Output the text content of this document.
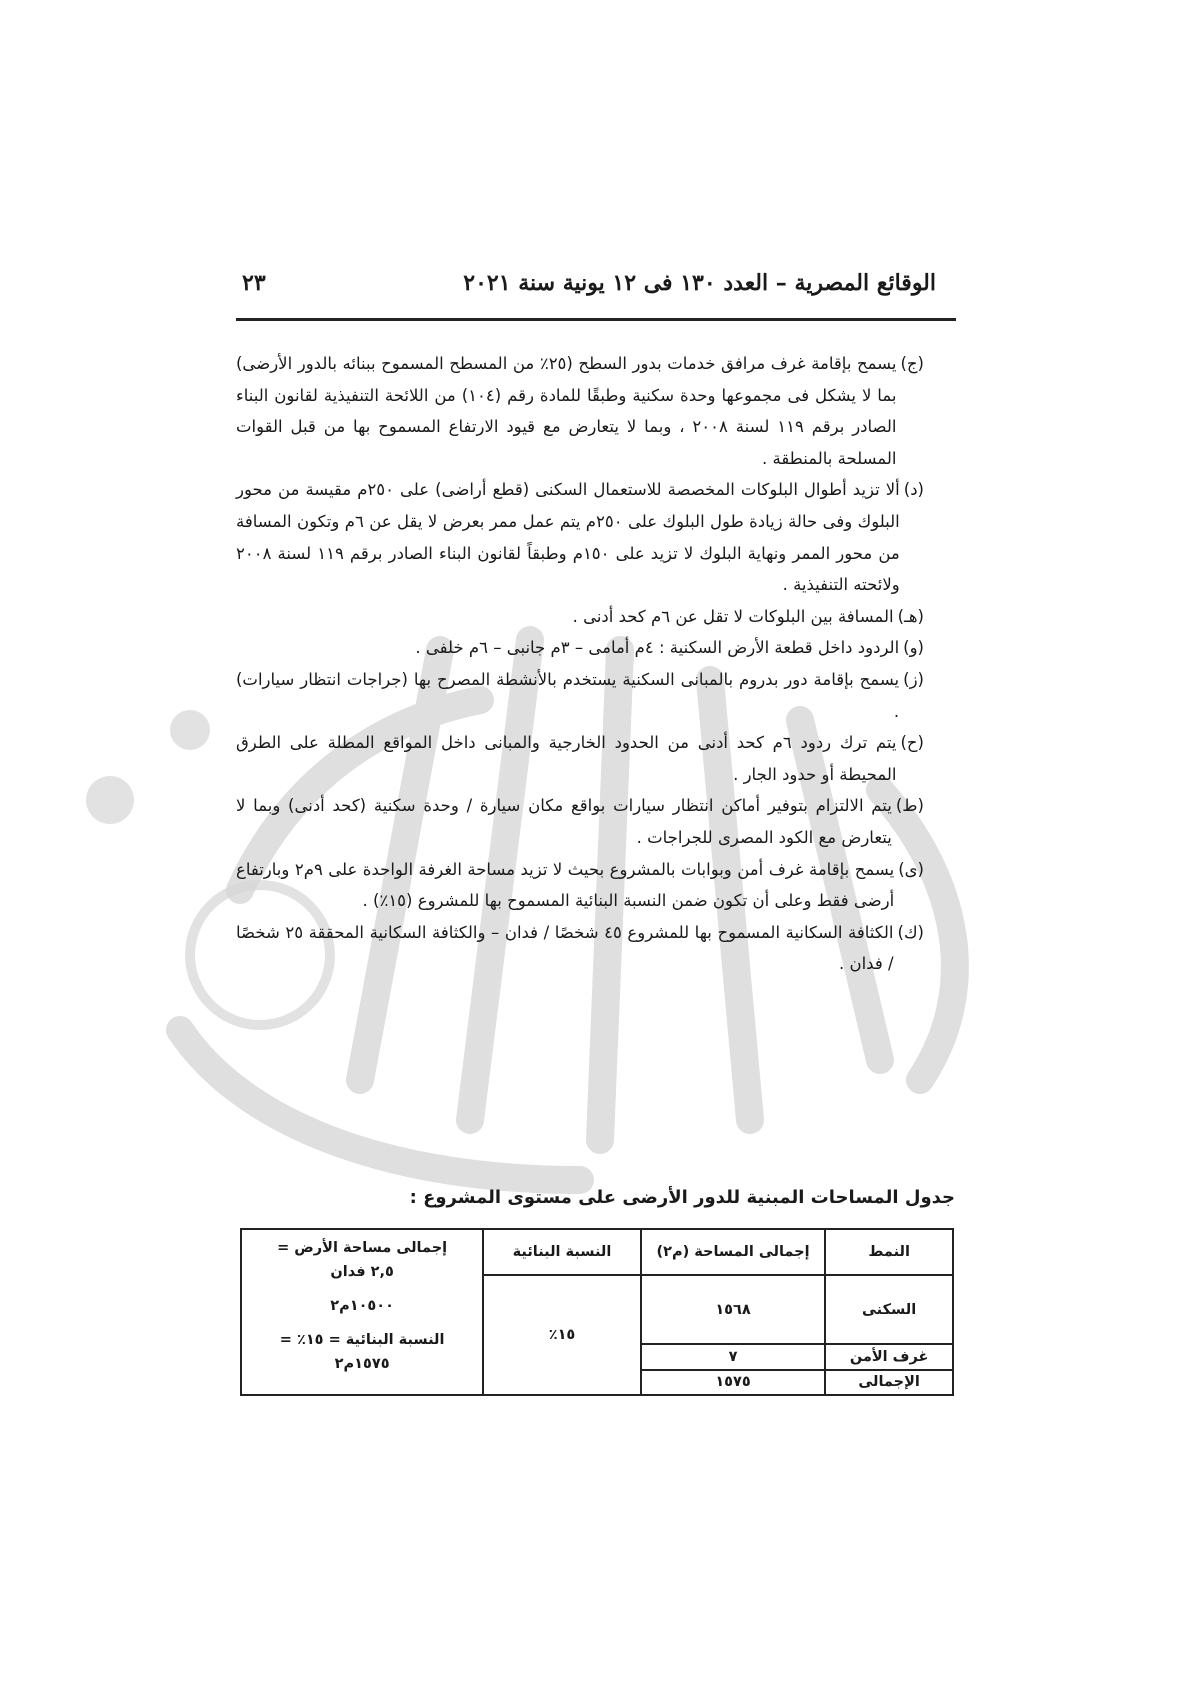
الوقائع المصرية – العدد ١٣٠ فى ١٢ يونية سنة ٢٠٢١
٢٣
(ج)
يسمح بإقامة غرف مرافق خدمات بدور السطح (٢٥٪ من المسطح المسموح ببنائه بالدور الأرضى) بما لا يشكل فى مجموعها وحدة سكنية وطبقًا للمادة رقم (١٠٤) من اللائحة التنفيذية لقانون البناء الصادر برقم ١١٩ لسنة ٢٠٠٨ ، وبما لا يتعارض مع قيود الارتفاع المسموح بها من قبل القوات المسلحة بالمنطقة .
(د)
ألا تزيد أطوال البلوكات المخصصة للاستعمال السكنى (قطع أراضى) على ٢٥٠م مقيسة من محور البلوك وفى حالة زيادة طول البلوك على ٢٥٠م يتم عمل ممر بعرض لا يقل عن ٦م وتكون المسافة من محور الممر ونهاية البلوك لا تزيد على ١٥٠م وطبقاً لقانون البناء الصادر برقم ١١٩ لسنة ٢٠٠٨ ولائحته التنفيذية .
(هـ)
المسافة بين البلوكات لا تقل عن ٦م كحد أدنى .
(و)
الردود داخل قطعة الأرض السكنية : ٤م أمامى – ٣م جانبى – ٦م خلفى .
(ز)
يسمح بإقامة دور بدروم بالمبانى السكنية يستخدم بالأنشطة المصرح بها (جراجات انتظار سيارات) .
(ح)
يتم ترك ردود ٦م كحد أدنى من الحدود الخارجية والمبانى داخل المواقع المطلة على الطرق المحيطة أو حدود الجار .
(ط)
يتم الالتزام بتوفير أماكن انتظار سيارات بواقع مكان سيارة / وحدة سكنية (كحد أدنى) وبما لا يتعارض مع الكود المصرى للجراجات .
(ى)
يسمح بإقامة غرف أمن وبوابات بالمشروع بحيث لا تزيد مساحة الغرفة الواحدة على ٩م٢ وبارتفاع أرضى فقط وعلى أن تكون ضمن النسبة البنائية المسموح بها للمشروع (١٥٪) .
(ك)
الكثافة السكانية المسموح بها للمشروع ٤٥ شخصًا / فدان – والكثافة السكانية المحققة ٢٥ شخصًا / فدان .
جدول المساحات المبنية للدور الأرضى على مستوى المشروع :
النمط	إجمالى المساحة (م٢)	النسبة البنائية	إجمالى مساحة الأرض =
٢,٥ فدان
١٠٥٠٠م٢
النسبة البنائية = ١٥٪ =
١٥٧٥م٢

السكنى	١٥٦٨	١٥٪	
غرف الأمن	٧		
الإجمالى	١٥٧٥		
